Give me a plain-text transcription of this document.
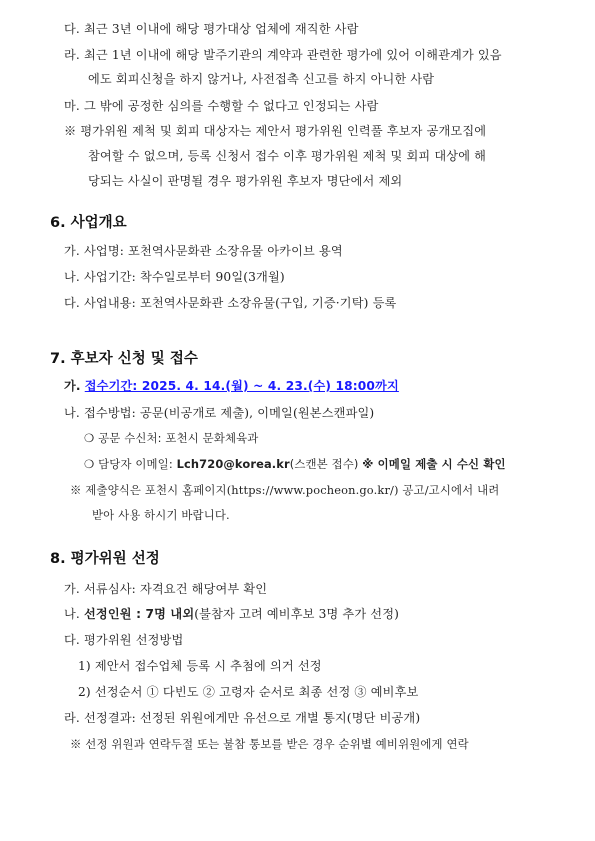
다. 최근 3년 이내에 해당 평가대상 업체에 재직한 사람
라. 최근 1년 이내에 해당 발주기관의 계약과 관련한 평가에 있어 이해관계가 있음
에도 회피신청을 하지 않거나, 사전접촉 신고를 하지 아니한 사람
마. 그 밖에 공정한 심의를 수행할 수 없다고 인정되는 사람
※ 평가위원 제척 및 회피 대상자는 제안서 평가위원 인력풀 후보자 공개모집에
참여할 수 없으며, 등록 신청서 접수 이후 평가위원 제척 및 회피 대상에 해
당되는 사실이 판명될 경우 평가위원 후보자 명단에서 제외
6. 사업개요
가. 사업명: 포천역사문화관 소장유물 아카이브 용역
나. 사업기간: 착수일로부터 90일(3개월)
다. 사업내용: 포천역사문화관 소장유물(구입, 기증·기탁) 등록
7. 후보자 신청 및 접수
가. 접수기간: 2025. 4. 14.(월) ~ 4. 23.(수) 18:00까지
나. 접수방법: 공문(비공개로 제출), 이메일(원본스캔파일)
❍ 공문 수신처: 포천시 문화체육과
❍ 담당자 이메일: Lch720@korea.kr(스캔본 접수) ※ 이메일 제출 시 수신 확인
※ 제출양식은 포천시 홈페이지(https://www.pocheon.go.kr/) 공고/고시에서 내려
받아 사용 하시기 바랍니다.
8. 평가위원 선정
가. 서류심사: 자격요건 해당여부 확인
나. 선정인원 : 7명 내외(불참자 고려 예비후보 3명 추가 선정)
다. 평가위원 선정방법
1) 제안서 접수업체 등록 시 추첨에 의거 선정
2) 선정순서 ① 다빈도 ② 고령자 순서로 최종 선정 ③ 예비후보
라. 선정결과: 선정된 위원에게만 유선으로 개별 통지(명단 비공개)
※ 선정 위원과 연락두절 또는 불참 통보를 받은 경우 순위별 예비위원에게 연락
